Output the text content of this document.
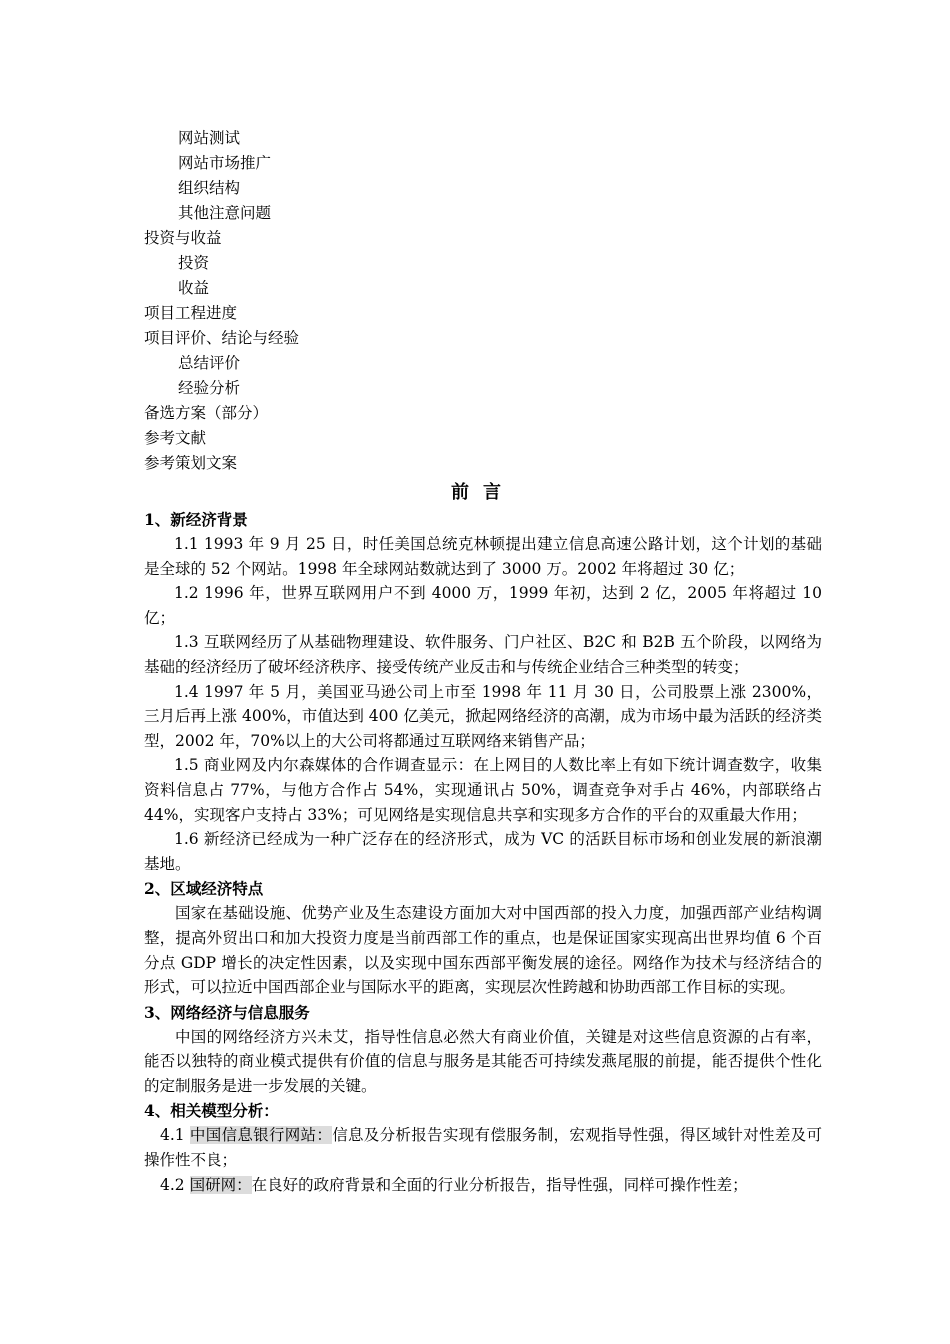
网站测试
网站市场推广
组织结构
其他注意问题
投资与收益
投资
收益
项目工程进度
项目评价、结论与经验
总结评价
经验分析
备选方案（部分）
参考文献
参考策划文案
前言
1、新经济背景

1.1 1993 年 9 月 25 日，时任美国总统克林顿提出建立信息高速公路计划，这个计划的基础是全球的 52 个网站。1998 年全球网站数就达到了 3000 万。2002 年将超过 30 亿；

1.2 1996 年，世界互联网用户不到 4000 万，1999 年初，达到 2 亿，2005 年将超过 10 亿；

1.3 互联网经历了从基础物理建设、软件服务、门户社区、B2C 和 B2B 五个阶段，以网络为基础的经济经历了破坏经济秩序、接受传统产业反击和与传统企业结合三种类型的转变；

1.4 1997 年 5 月，美国亚马逊公司上市至 1998 年 11 月 30 日，公司股票上涨 2300%，三月后再上涨 400%，市值达到 400 亿美元，掀起网络经济的高潮，成为市场中最为活跃的经济类型，2002 年，70%以上的大公司将都通过互联网络来销售产品；

1.5 商业网及内尔森媒体的合作调查显示：在上网目的人数比率上有如下统计调查数字，收集资料信息占 77%，与他方合作占 54%，实现通讯占 50%，调查竞争对手占 46%，内部联络占 44%，实现客户支持占 33%；可见网络是实现信息共享和实现多方合作的平台的双重最大作用；

1.6 新经济已经成为一种广泛存在的经济形式，成为 VC 的活跃目标市场和创业发展的新浪潮基地。

2、区域经济特点

国家在基础设施、优势产业及生态建设方面加大对中国西部的投入力度，加强西部产业结构调整，提高外贸出口和加大投资力度是当前西部工作的重点，也是保证国家实现高出世界均值 6 个百分点 GDP 增长的决定性因素，以及实现中国东西部平衡发展的途径。网络作为技术与经济结合的形式，可以拉近中国西部企业与国际水平的距离，实现层次性跨越和协助西部工作目标的实现。

3、网络经济与信息服务

中国的网络经济方兴未艾，指导性信息必然大有商业价值，关键是对这些信息资源的占有率，能否以独特的商业模式提供有价值的信息与服务是其能否可持续发燕尾服的前提，能否提供个性化的定制服务是进一步发展的关键。

4、相关模型分析：

4.1 中国信息银行网站：信息及分析报告实现有偿服务制，宏观指导性强，得区域针对性差及可操作性不良；

4.2 国研网：在良好的政府背景和全面的行业分析报告，指导性强，同样可操作性差；
